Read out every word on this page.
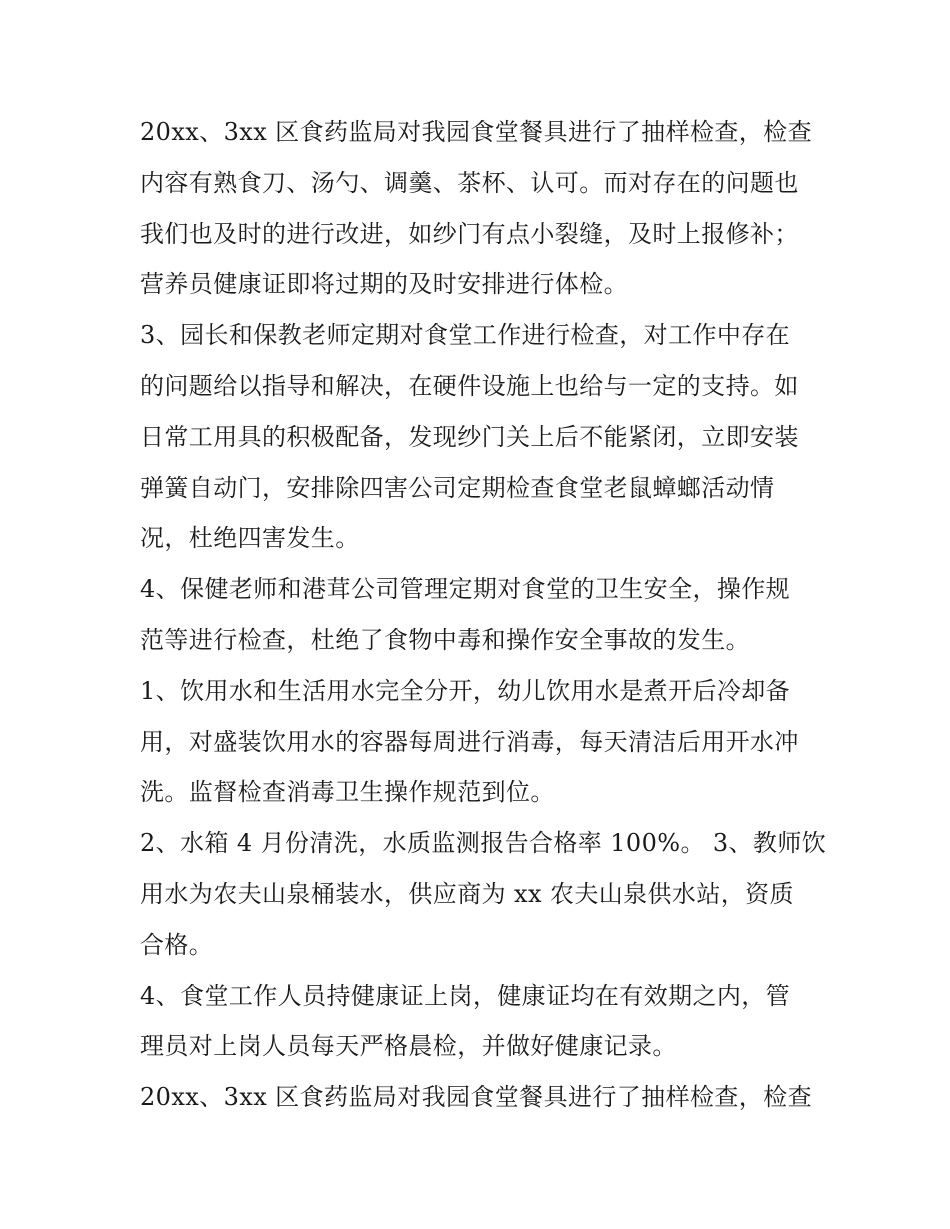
20xx、3xx 区食药监局对我园食堂餐具进行了抽样检查，检查
内容有熟食刀、汤勺、调羹、茶杯、认可。而对存在的问题也
我们也及时的进行改进，如纱门有点小裂缝，及时上报修补；
营养员健康证即将过期的及时安排进行体检。
3、园长和保教老师定期对食堂工作进行检查，对工作中存在
的问题给以指导和解决，在硬件设施上也给与一定的支持。如
日常工用具的积极配备，发现纱门关上后不能紧闭，立即安装
弹簧自动门，安排除四害公司定期检查食堂老鼠蟑螂活动情
况，杜绝四害发生。
4、保健老师和港茸公司管理定期对食堂的卫生安全，操作规
范等进行检查，杜绝了食物中毒和操作安全事故的发生。
1、饮用水和生活用水完全分开，幼儿饮用水是煮开后冷却备
用，对盛装饮用水的容器每周进行消毒，每天清洁后用开水冲
洗。监督检查消毒卫生操作规范到位。
2、水箱 4 月份清洗，水质监测报告合格率 100%。 3、教师饮
用水为农夫山泉桶装水，供应商为 xx 农夫山泉供水站，资质
合格。
4、食堂工作人员持健康证上岗，健康证均在有效期之内，管
理员对上岗人员每天严格晨检，并做好健康记录。
20xx、3xx 区食药监局对我园食堂餐具进行了抽样检查，检查
